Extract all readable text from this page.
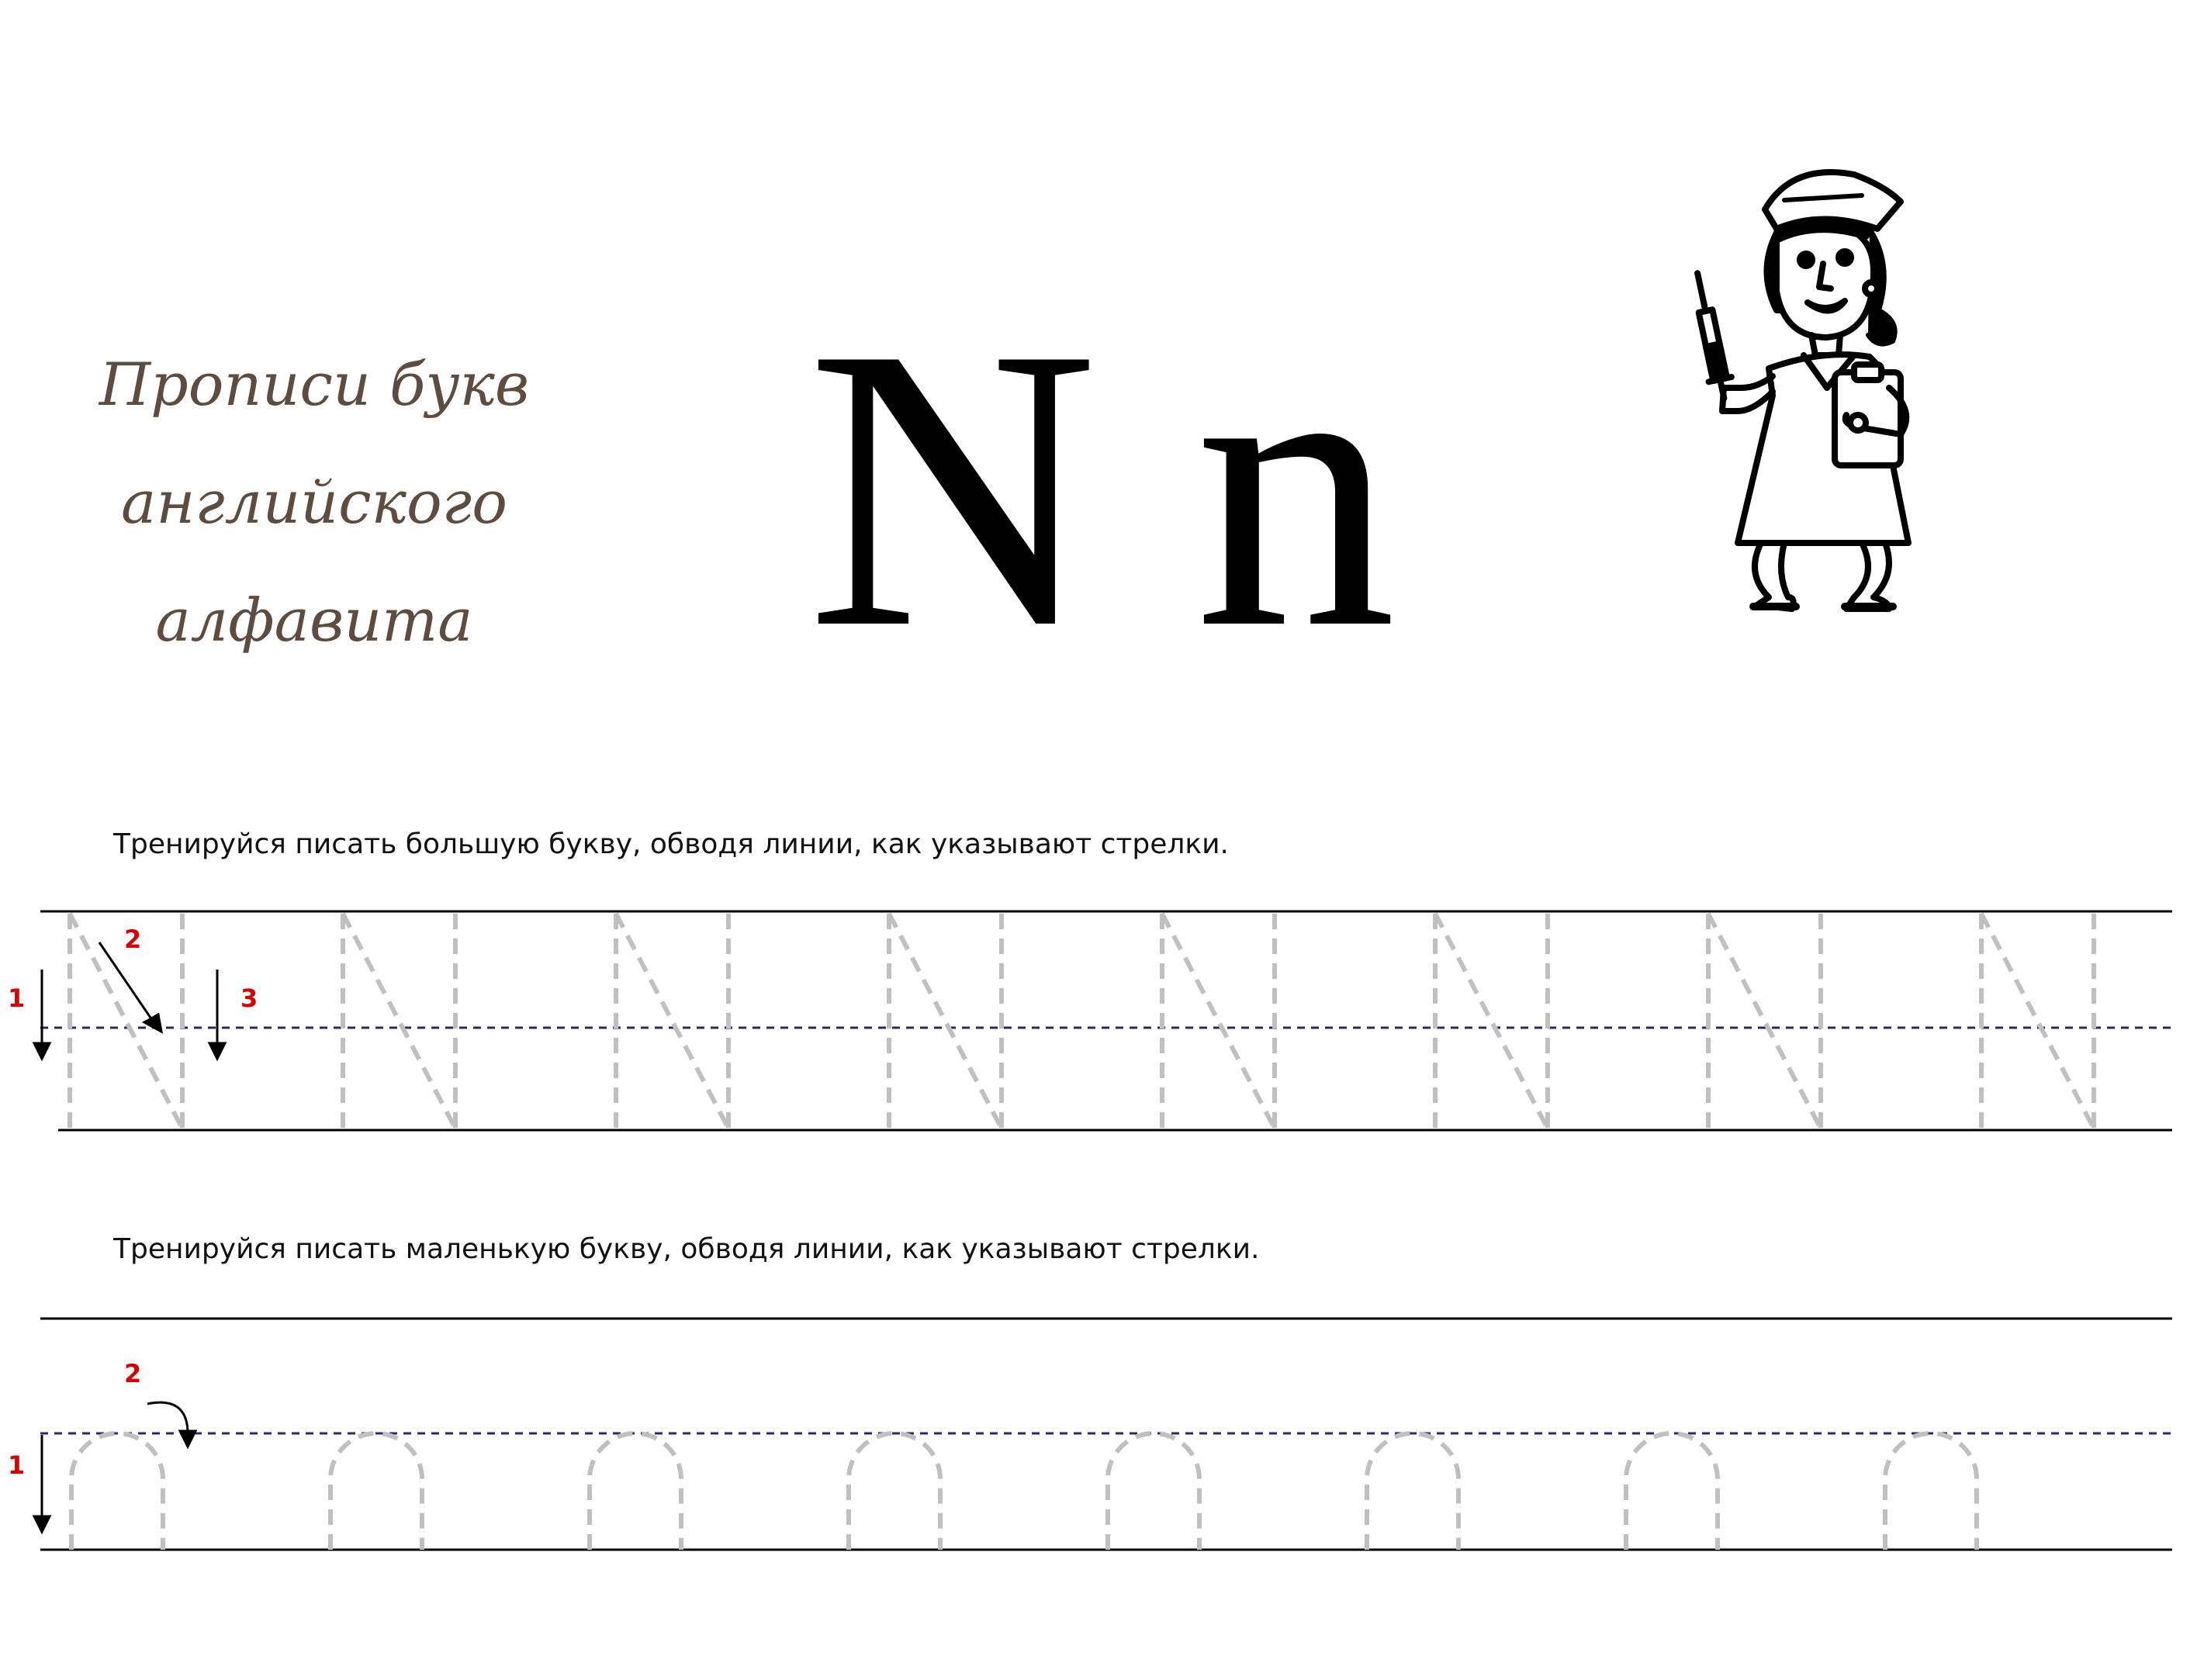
Прописи букв
английского
алфавита N n
Тренируйся писать большую букву, обводя линии, как указывают стрелки.
1
2
3
Тренируйся писать маленькую букву, обводя линии, как указывают стрелки.
1
2
